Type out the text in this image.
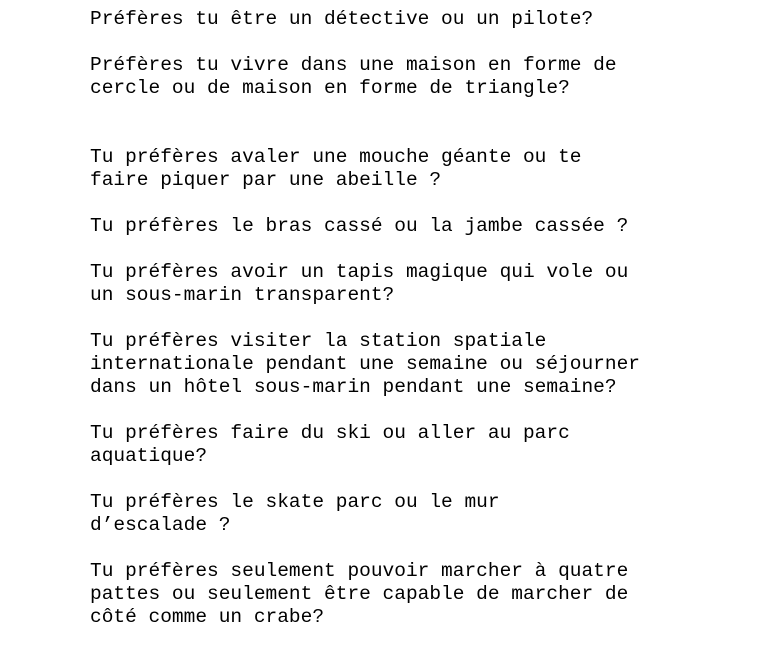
Préfères tu être un détective ou un pilote?

Préfères tu vivre dans une maison en forme de
cercle ou de maison en forme de triangle?

Tu préfères avaler une mouche géante ou te
faire piquer par une abeille ?

Tu préfères le bras cassé ou la jambe cassée ?

Tu préfères avoir un tapis magique qui vole ou
un sous-marin transparent?

Tu préfères visiter la station spatiale
internationale pendant une semaine ou séjourner
dans un hôtel sous-marin pendant une semaine?

Tu préfères faire du ski ou aller au parc
aquatique?

Tu préfères le skate parc ou le mur
d’escalade ?

Tu préfères seulement pouvoir marcher à quatre
pattes ou seulement être capable de marcher de
côté comme un crabe?
